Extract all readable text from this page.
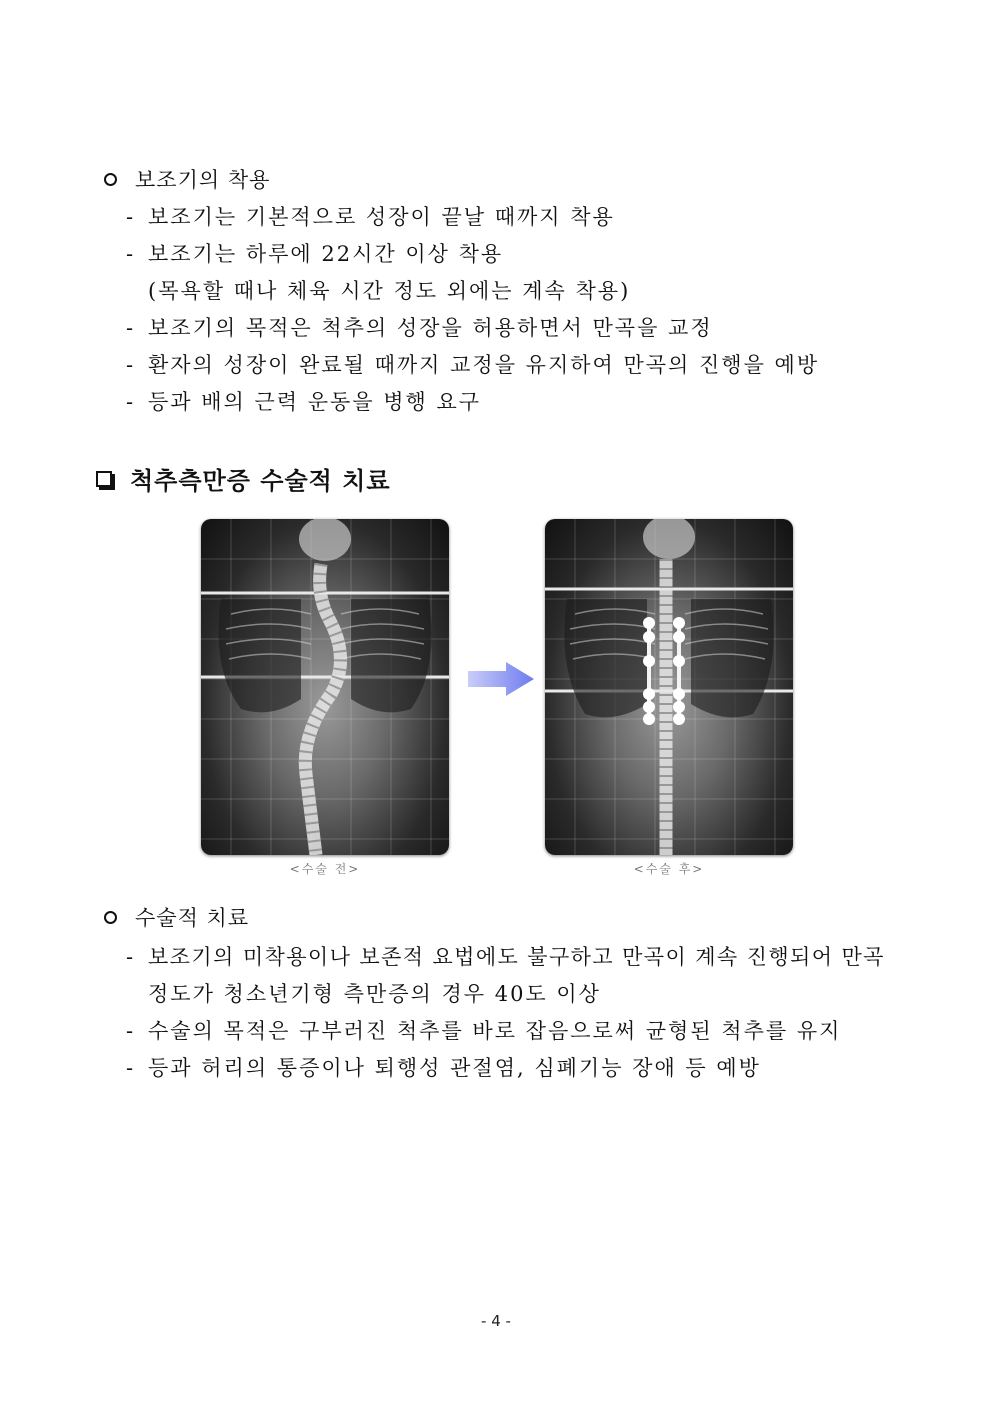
보조기의 착용
- 보조기는 기본적으로 성장이 끝날 때까지 착용
- 보조기는 하루에 22시간 이상 착용
(목욕할 때나 체육 시간 정도 외에는 계속 착용)
- 보조기의 목적은 척추의 성장을 허용하면서 만곡을 교정
- 환자의 성장이 완료될 때까지 교정을 유지하여 만곡의 진행을 예방
- 등과 배의 근력 운동을 병행 요구
척추측만증 수술적 치료
<수술 전>	<수술 후>
수술적 치료
- 보조기의 미착용이나 보존적 요법에도 불구하고 만곡이 계속 진행되어 만곡
정도가 청소년기형 측만증의 경우 40도 이상
- 수술의 목적은 구부러진 척추를 바로 잡음으로써 균형된 척추를 유지
- 등과 허리의 통증이나 퇴행성 관절염, 심폐기능 장애 등 예방
- 4 -
